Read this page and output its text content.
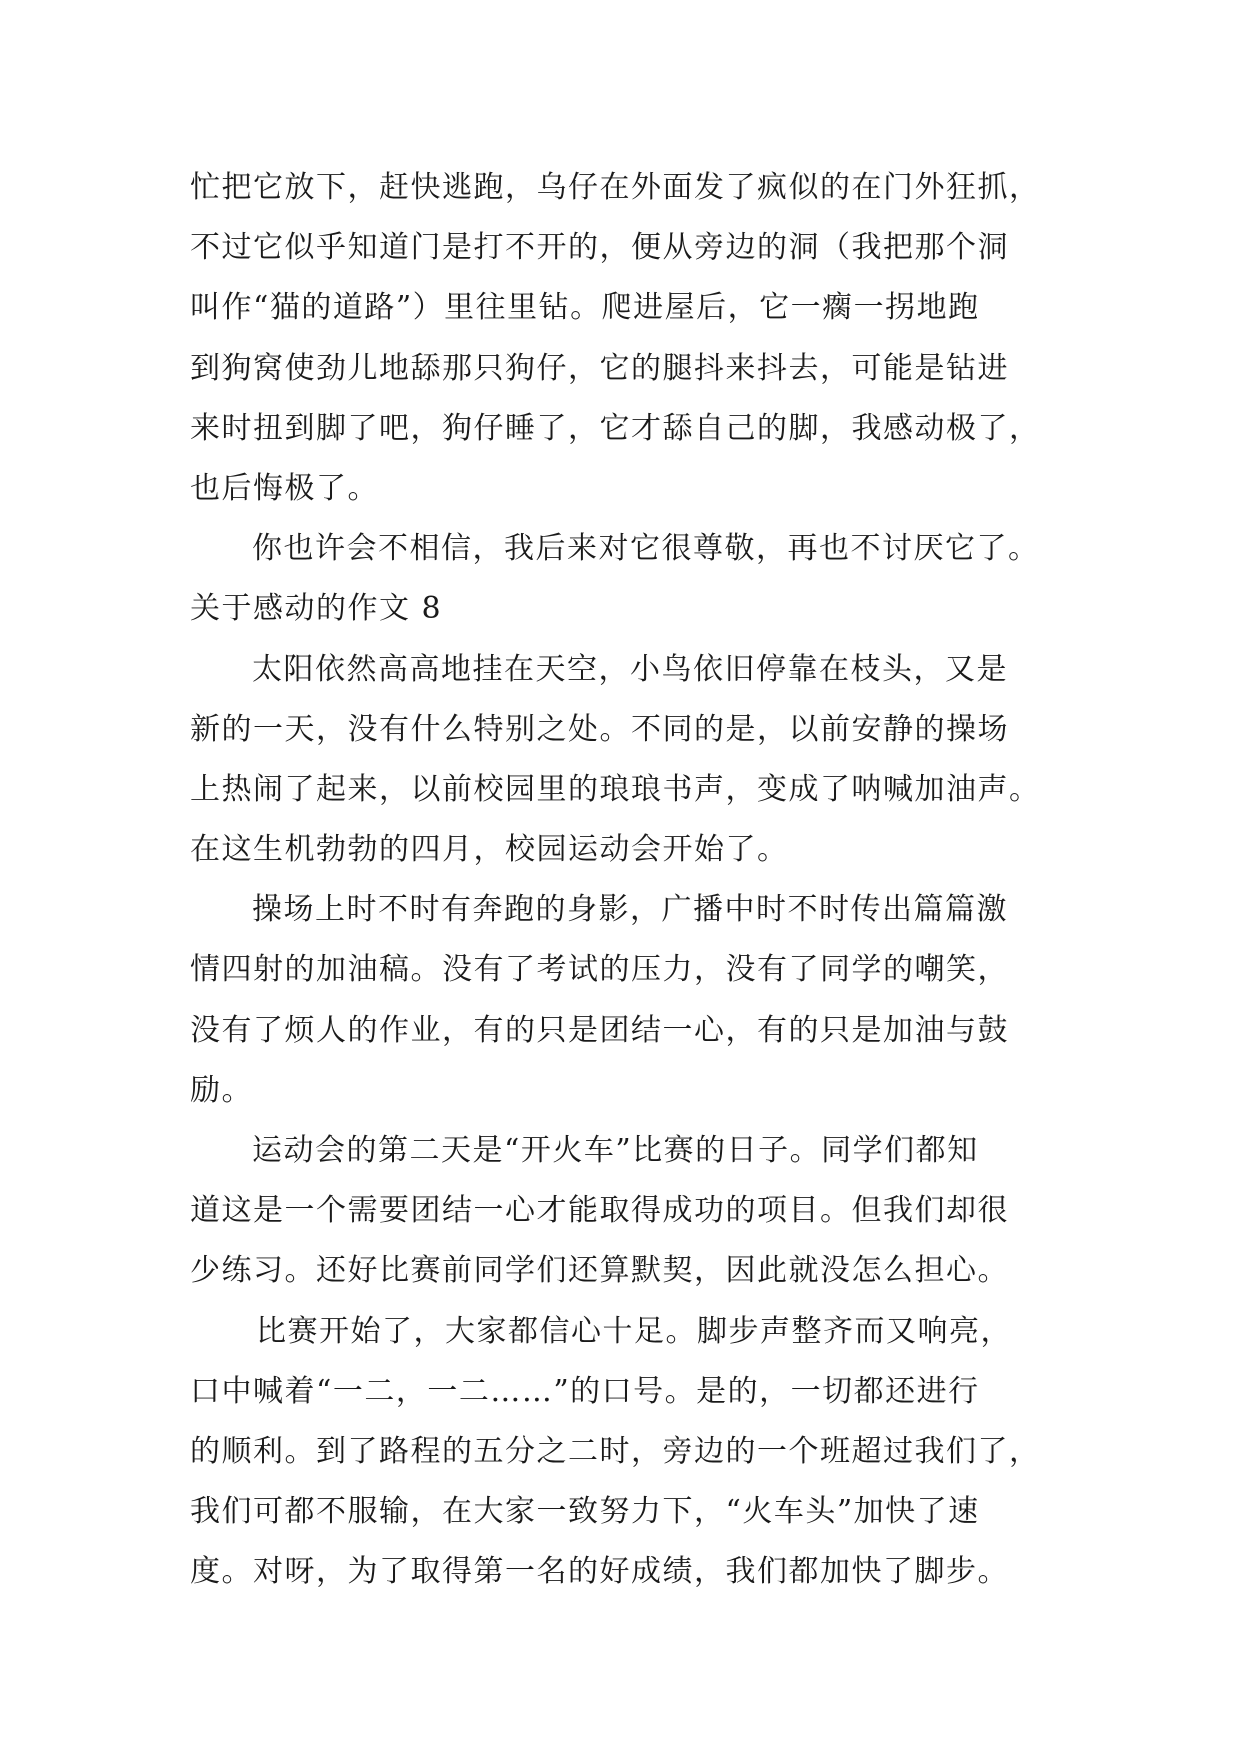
忙把它放下，赶快逃跑，乌仔在外面发了疯似的在门外狂抓，
不过它似乎知道门是打不开的，便从旁边的洞（我把那个洞
叫作“猫的道路”）里往里钻。爬进屋后，它一瘸一拐地跑
到狗窝使劲儿地舔那只狗仔，它的腿抖来抖去，可能是钻进
来时扭到脚了吧，狗仔睡了，它才舔自己的脚，我感动极了，
也后悔极了。
你也许会不相信，我后来对它很尊敬，再也不讨厌它了。
关于感动的作文 8
太阳依然高高地挂在天空，小鸟依旧停靠在枝头，又是
新的一天，没有什么特别之处。不同的是，以前安静的操场
上热闹了起来，以前校园里的琅琅书声，变成了呐喊加油声。
在这生机勃勃的四月，校园运动会开始了。
操场上时不时有奔跑的身影，广播中时不时传出篇篇激
情四射的加油稿。没有了考试的压力，没有了同学的嘲笑，
没有了烦人的作业，有的只是团结一心，有的只是加油与鼓
励。
运动会的第二天是“开火车”比赛的日子。同学们都知
道这是一个需要团结一心才能取得成功的项目。但我们却很
少练习。还好比赛前同学们还算默契，因此就没怎么担心。
比赛开始了，大家都信心十足。脚步声整齐而又响亮，
口中喊着“一二，一二……”的口号。是的，一切都还进行
的顺利。到了路程的五分之二时，旁边的一个班超过我们了，
我们可都不服输，在大家一致努力下，“火车头”加快了速
度。对呀，为了取得第一名的好成绩，我们都加快了脚步。
